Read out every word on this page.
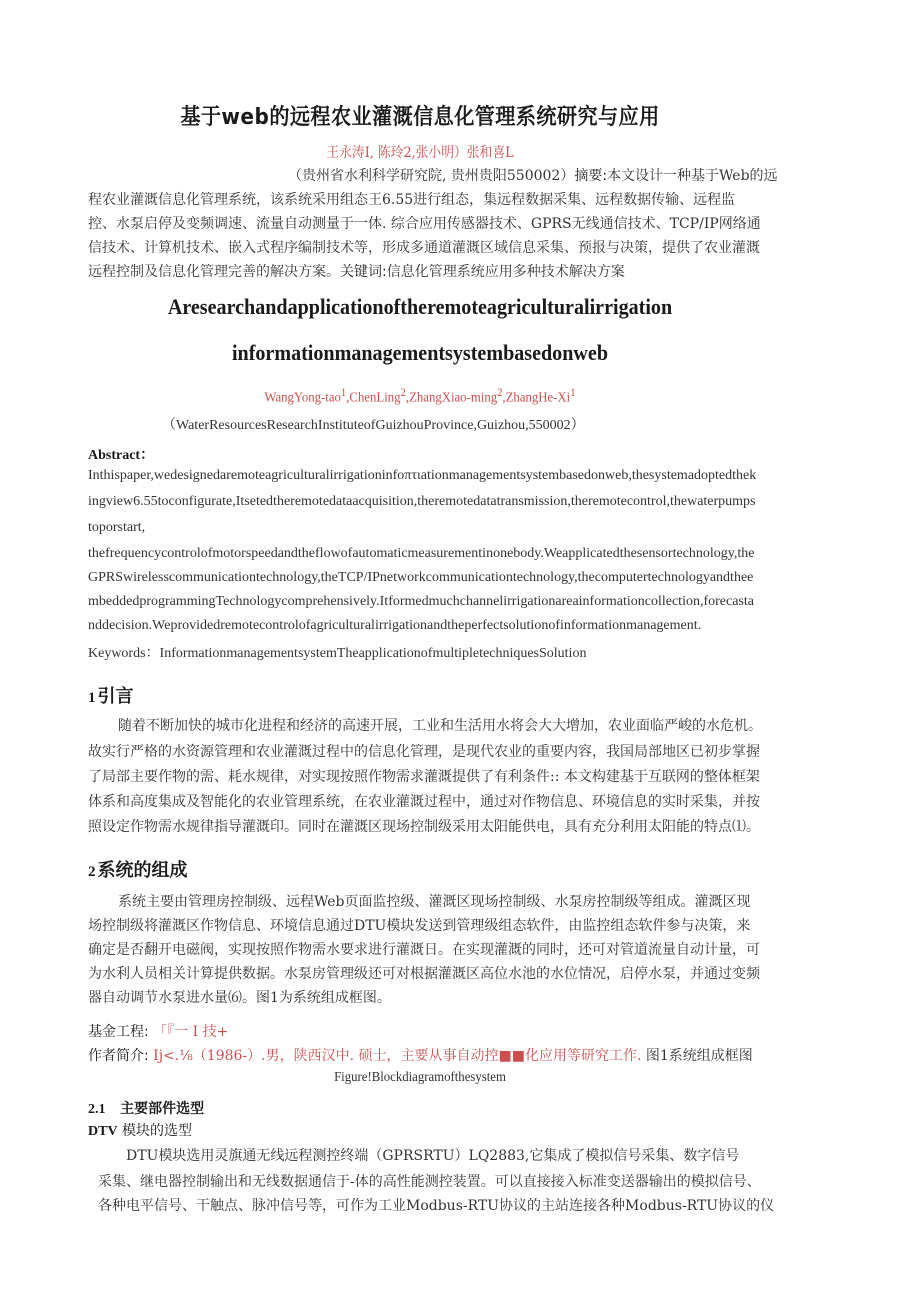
基于web的远程农业灌溉信息化管理系统研究与应用
王永涛I, 陈玲2,张小明）张和喜L
（贵州省水利科学研究院, 贵州贵阳550002）摘要:本文设计一种基于Web的远
程农业灌溉信息化管理系统，该系统采用组态王6.55进行组态，集远程数据采集、远程数据传输、远程监
控、水泵启停及变频调速、流量自动测量于一体. 综合应用传感器技术、GPRS无线通信技术、TCP/IP网络通
信技术、计算机技术、嵌入式程序编制技术等，形成多通道灌溉区域信息采集、预报与决策，提供了农业灌溉
远程控制及信息化管理完善的解决方案。关键词:信息化管理系统应用多种技术解决方案
Aresearchandapplicationoftheremoteagriculturalirrigation
informationmanagementsystembasedonweb
WangYong-tao$^1$,ChenLing$^2$,ZhangXiao-ming$^2$,ZhangHe-Xi$^1$
（WaterResourcesResearchInstituteofGuizhouProvince,Guizhou,550002）
Abstract：
Inthispaper,wedesignedaremoteagriculturalirrigationinfoπτιationmanagementsystembasedonweb,thesystemadoptedthek
ingview6.55toconfigurate,Itsetedtheremotedataacquisition,theremotedatatransmission,theremotecontrol,thewaterpumps
toporstart,
thefrequencycontrolofmotorspeedandtheflowofautomaticmeasurementinonebody.Weapplicatedthesensortechnology,the
GPRSwirelesscommunicationtechnology,theTCP/IPnetworkcommunicationtechnology,thecomputertechnologyandthee
mbeddedprogrammingTechnologycomprehensively.Itformedmuchchannelirrigationareainformationcollection,forecasta
nddecision.Weprovidedremotecontrolofagriculturalirrigationandtheperfectsolutionofinformationmanagement.
Keywords：InformationmanagementsystemTheapplicationofmultipletechniquesSolution
1 引言
随着不断加快的城市化进程和经济的高速开展，工业和生活用水将会大大增加，农业面临严峻的水危机。
故实行严格的水资源管理和农业灌溉过程中的信息化管理，是现代农业的重要内容，我国局部地区已初步掌握
了局部主要作物的需、耗水规律，对实现按照作物需求灌溉提供了有利条件:: 本文构建基于互联网的整体框架
体系和高度集成及智能化的农业管理系统，在农业灌溉过程中，通过对作物信息、环境信息的实时采集，并按
照设定作物需水规律指导灌溉印。同时在灌溉区现场控制级采用太阳能供电，具有充分利用太阳能的特点⑴。
2 系统的组成
系统主要由管理房控制级、远程Web页面监控级、灌溉区现场控制级、水泵房控制级等组成。灌溉区现
场控制级将灌溉区作物信息、环境信息通过DTU模块发送到管理级组态软件，由监控组态软件参与决策，来
确定是否翻开电磁阀，实现按照作物需水要求进行灌溉日。在实现灌溉的同时，还可对管道流量自动计量，可
为水利人员相关计算提供数据。水泵房管理级还可对根据灌溉区高位水池的水位情况，启停水泵，并通过变频
器自动调节水泵进水量⑹。图1为系统组成框图。
基金工程: 「『一 I 技+
作者简介: Ij<.⅛（1986-）.男，陕西汉中. 硕士，主要从事自动控■■化应用等研究工作. 图1系统组成框图
Figure!Blockdiagramofthesystem
2.1 主要部件选型
DTV 模块的选型
DTU模块选用灵旗通无线远程测控终端（GPRSRTU）LQ2883,它集成了模拟信号采集、数字信号
采集、继电器控制输出和无线数据通信于-体的高性能测控装置。可以直接接入标准变送器输出的模拟信号、
各种电平信号、干触点、脉冲信号等，可作为工业Modbus-RTU协议的主站连接各种Modbus-RTU协议的仪
